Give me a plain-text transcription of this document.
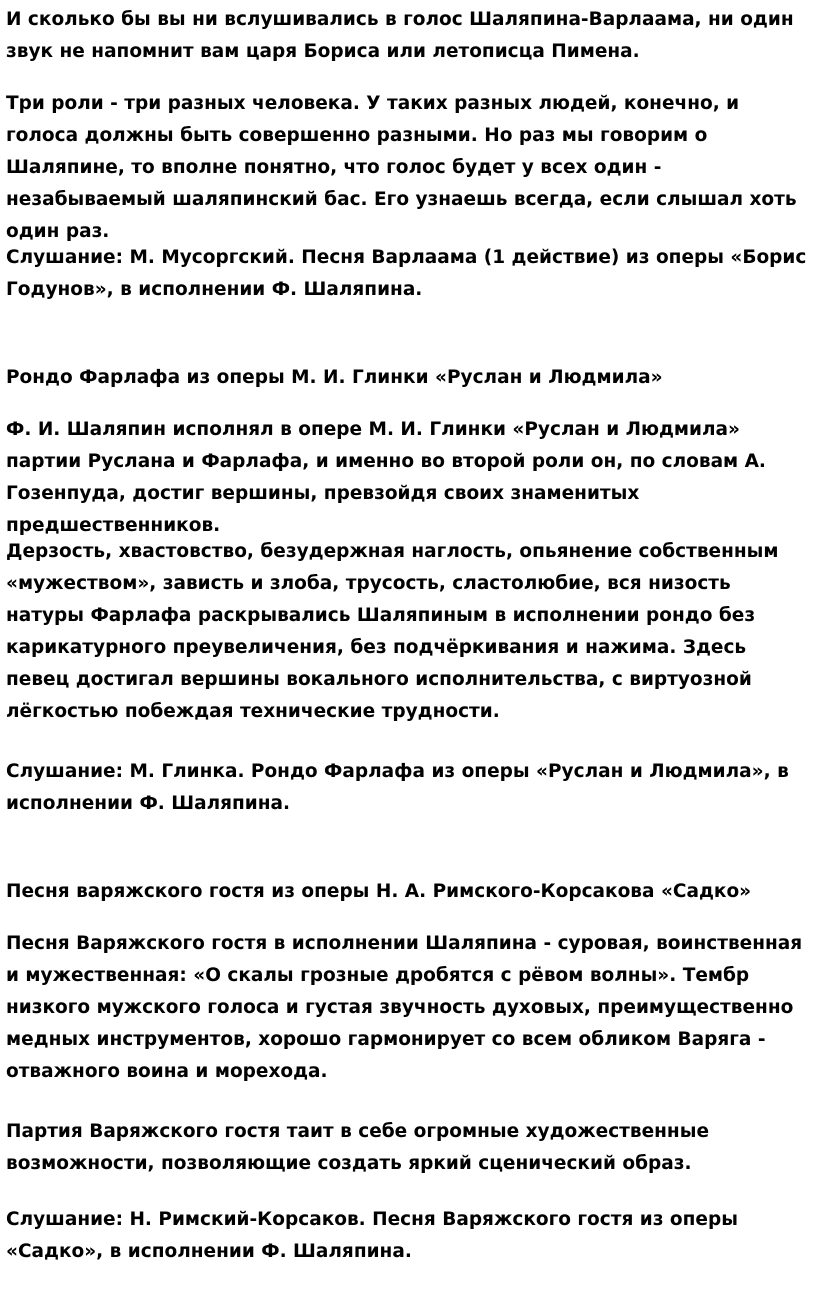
И сколько бы вы ни вслушивались в голос Шаляпина-Варлаама, ни один звук не напомнит вам царя Бориса или летописца Пимена.

Три роли - три разных человека. У таких разных людей, конечно, и голоса должны быть совершенно разными. Но раз мы говорим о Шаляпине, то вполне понятно, что голос будет у всех один - незабываемый шаляпинский бас. Его узнаешь всегда, если слышал хоть один раз.

Слушание: М. Мусоргский. Песня Варлаама (1 действие) из оперы «Борис Годунов», в исполнении Ф. Шаляпина.

Рондо Фарлафа из оперы М. И. Глинки «Руслан и Людмила»

Ф. И. Шаляпин исполнял в опере М. И. Глинки «Руслан и Людмила» партии Руслана и Фарлафа, и именно во второй роли он, по словам А. Гозенпуда, достиг вершины, превзойдя своих знаменитых предшественников.

Дерзость, хвастовство, безудержная наглость, опьянение собственным «мужеством», зависть и злоба, трусость, сластолюбие, вся низость натуры Фарлафа раскрывались Шаляпиным в исполнении рондо без карикатурного преувеличения, без подчёркивания и нажима. Здесь певец достигал вершины вокального исполнительства, с виртуозной лёгкостью побеждая технические трудности.

Слушание: М. Глинка. Рондо Фарлафа из оперы «Руслан и Людмила», в исполнении Ф. Шаляпина.

Песня варяжского гостя из оперы Н. А. Римского-Корсакова «Садко»

Песня Варяжского гостя в исполнении Шаляпина - суровая, воинственная и мужественная: «О скалы грозные дробятся с рёвом волны». Тембр низкого мужского голоса и густая звучность духовых, преимущественно медных инструментов, хорошо гармонирует со всем обликом Варяга - отважного воина и морехода.

Партия Варяжского гостя таит в себе огромные художественные возможности, позволяющие создать яркий сценический образ.

Слушание: Н. Римский-Корсаков. Песня Варяжского гостя из оперы «Садко», в исполнении Ф. Шаляпина.
